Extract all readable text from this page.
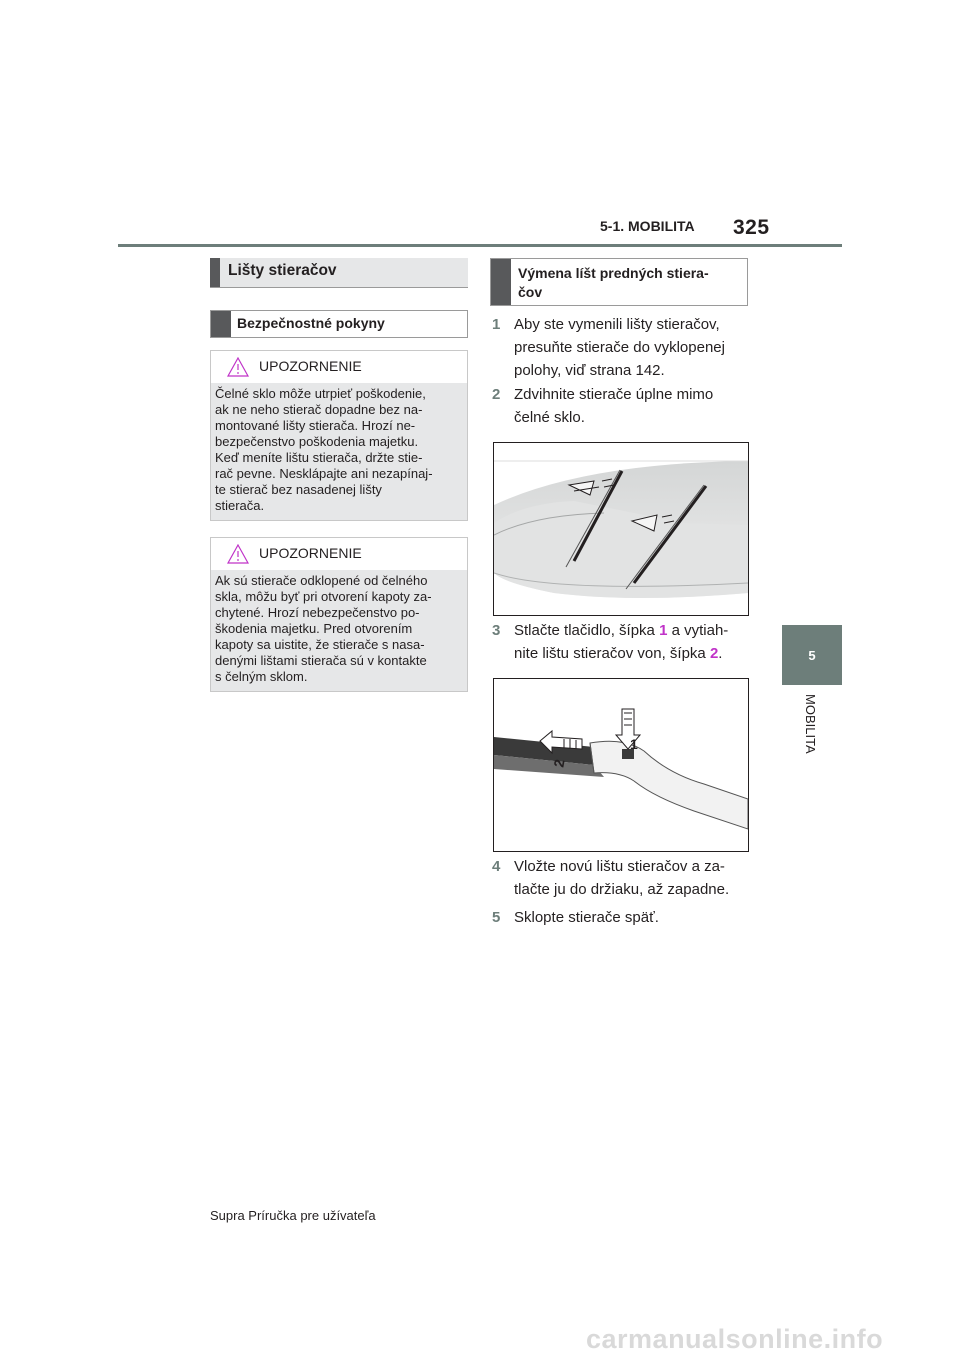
5-1. MOBILITA 325
5
MOBILITA
Lišty stieračov
Bezpečnostné pokyny
UPOZORNENIE
Čelné sklo môže utrpieť poškodenie,
ak ne neho stierač dopadne bez na-
montované lišty stierača. Hrozí ne-
bezpečenstvo poškodenia majetku.
Keď meníte lištu stierača, držte stie-
rač pevne. Nesklápajte ani nezapínaj-
te stierač bez nasadenej lišty
stierača.
UPOZORNENIE
Ak sú stierače odklopené od čelného
skla, môžu byť pri otvorení kapoty za-
chytené. Hrozí nebezpečenstvo po-
škodenia majetku. Pred otvorením
kapoty sa uistite, že stierače s nasa-
denými lištami stierača sú v kontakte
s čelným sklom.
Výmena líšt predných stiera-
čov
1 Aby ste vymenili lišty stieračov,
presuňte stierače do vyklopenej
polohy, viď strana 142.
2 Zdvihnite stierače úplne mimo
čelné sklo.
3 Stlačte tlačidlo, šípka 1 a vytiah-
nite lištu stieračov von, šípka 2.
1
2
4 Vložte novú lištu stieračov a za-
tlačte ju do držiaku, až zapadne.
5 Sklopte stierače späť.
Supra Príručka pre užívateľa
carmanualsonline.info
